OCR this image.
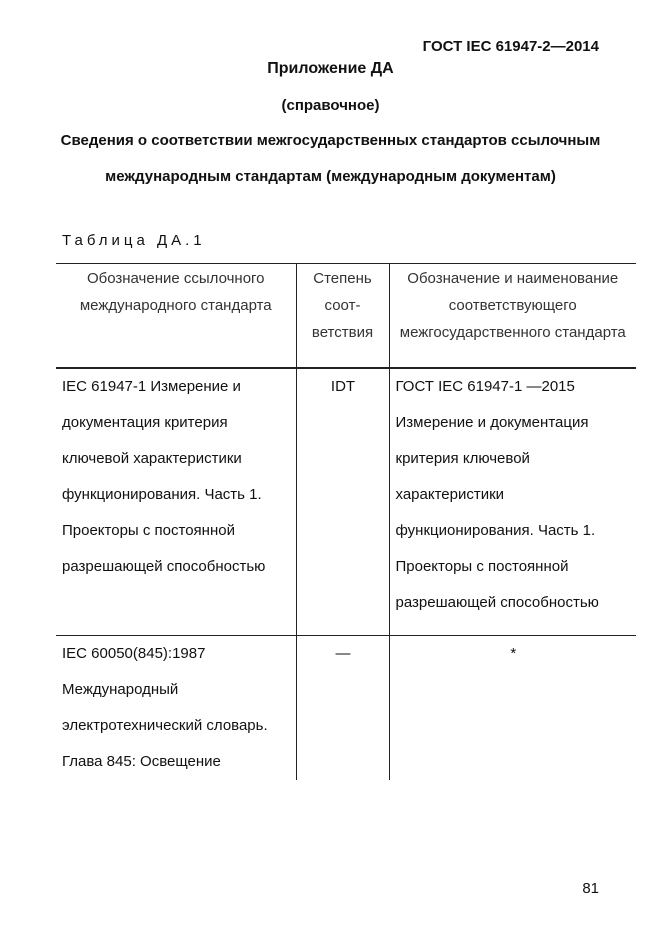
ГОСТ IEC 61947-2—2014

Приложение ДА

(справочное)

Сведения о соответствии межгосударственных стандартов ссылочным международным стандартам (международным документам)

Таблица ДА.1

Обозначение ссылочного международного стандарта	Степень соот-ветствия	Обозначение и наименование соответствующего межгосударственного стандарта
IEC 61947-1 Измерение и документация критерия ключевой характеристики функционирования. Часть 1. Проекторы с постоянной разрешающей способностью	IDT	ГОСТ IEC 61947-1 —2015 Измерение и документация критерия ключевой характеристики функционирования. Часть 1. Проекторы с постоянной разрешающей способностью
IEC 60050(845):1987 Международный электротехнический словарь. Глава 845: Освещение	—	*

81
